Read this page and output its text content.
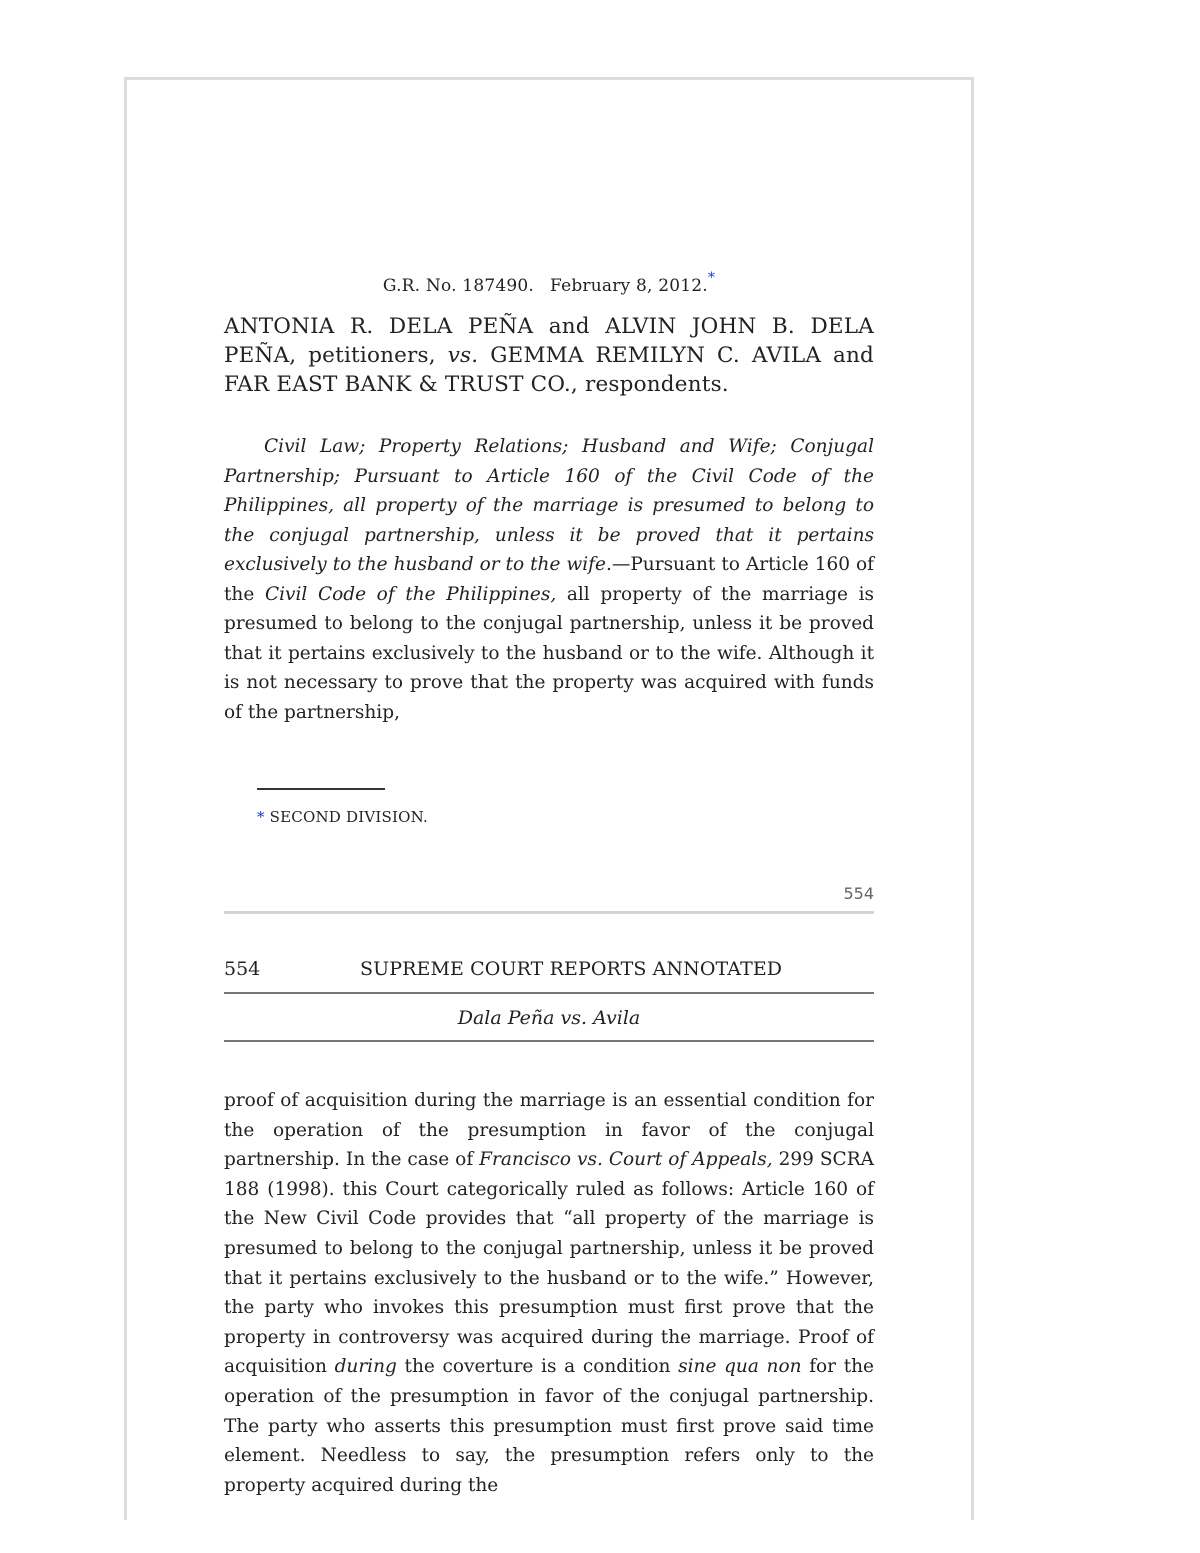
G.R. No. 187490. February 8, 2012.*
ANTONIA R. DELA PEÑA and ALVIN JOHN B. DELA PEÑA, petitioners, vs. GEMMA REMILYN C. AVILA and FAR EAST BANK & TRUST CO., respondents.
Civil Law; Property Relations; Husband and Wife; Conjugal Partnership; Pursuant to Article 160 of the Civil Code of the Philippines, all property of the marriage is presumed to belong to the conjugal partnership, unless it be proved that it pertains exclusively to the husband or to the wife.—Pursuant to Article 160 of the Civil Code of the Philippines, all property of the marriage is presumed to belong to the conjugal partnership, unless it be proved that it pertains exclusively to the husband or to the wife. Although it is not necessary to prove that the property was acquired with funds of the partnership,
* SECOND DIVISION.
554
554	SUPREME COURT REPORTS ANNOTATED
Dala Peña vs. Avila
proof of acquisition during the marriage is an essential condition for the operation of the presumption in favor of the conjugal partnership. In the case of Francisco vs. Court of Appeals, 299 SCRA 188 (1998). this Court categorically ruled as follows: Article 160 of the New Civil Code provides that “all property of the marriage is presumed to belong to the conjugal partnership, unless it be proved that it pertains exclusively to the husband or to the wife.” However, the party who invokes this presumption must first prove that the property in controversy was acquired during the marriage. Proof of acquisition during the coverture is a condition sine qua non for the operation of the presumption in favor of the conjugal partnership. The party who asserts this presumption must first prove said time element. Needless to say, the presumption refers only to the property acquired during the
